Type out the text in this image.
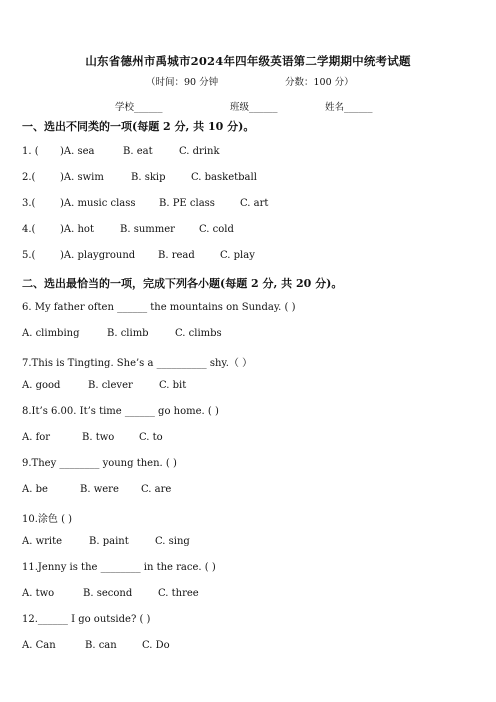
山东省德州市禹城市2024年四年级英语第二学期期中统考试题
（时间：90 分钟	分数：100 分）
学校______	班级______	姓名______
一、选出不同类的一项(每题 2 分, 共 10 分)。
1. ( )A. sea	B. eat	C. drink
2.( )A. swim	B. skip	C. basketball
3.( )A. music class B. PE class	C. art
4.( )A. hot	B. summer C. cold
5.( )A. playground B. read	C. play
二、选出最恰当的一项，完成下列各小题(每题 2 分, 共 20 分)。
6. My father often ______ the mountains on Sunday. ( )
A. climbing	B. climb	C. climbs
7.This is Tingting. She’s a __________ shy.（ ）
A. good	B. clever	C. bit
8.It’s 6.00. It’s time ______ go home. ( )
A. for	B. two C. to
9.They ________ young then. ( )
A. be	B. were C. are
10.涂色 ( )
A. write	B. paint	C. sing
11.Jenny is the ________ in the race. ( )
A. two	B. second	C. three
12.______ I go outside? ( )
A. Can	B. can	C. Do
